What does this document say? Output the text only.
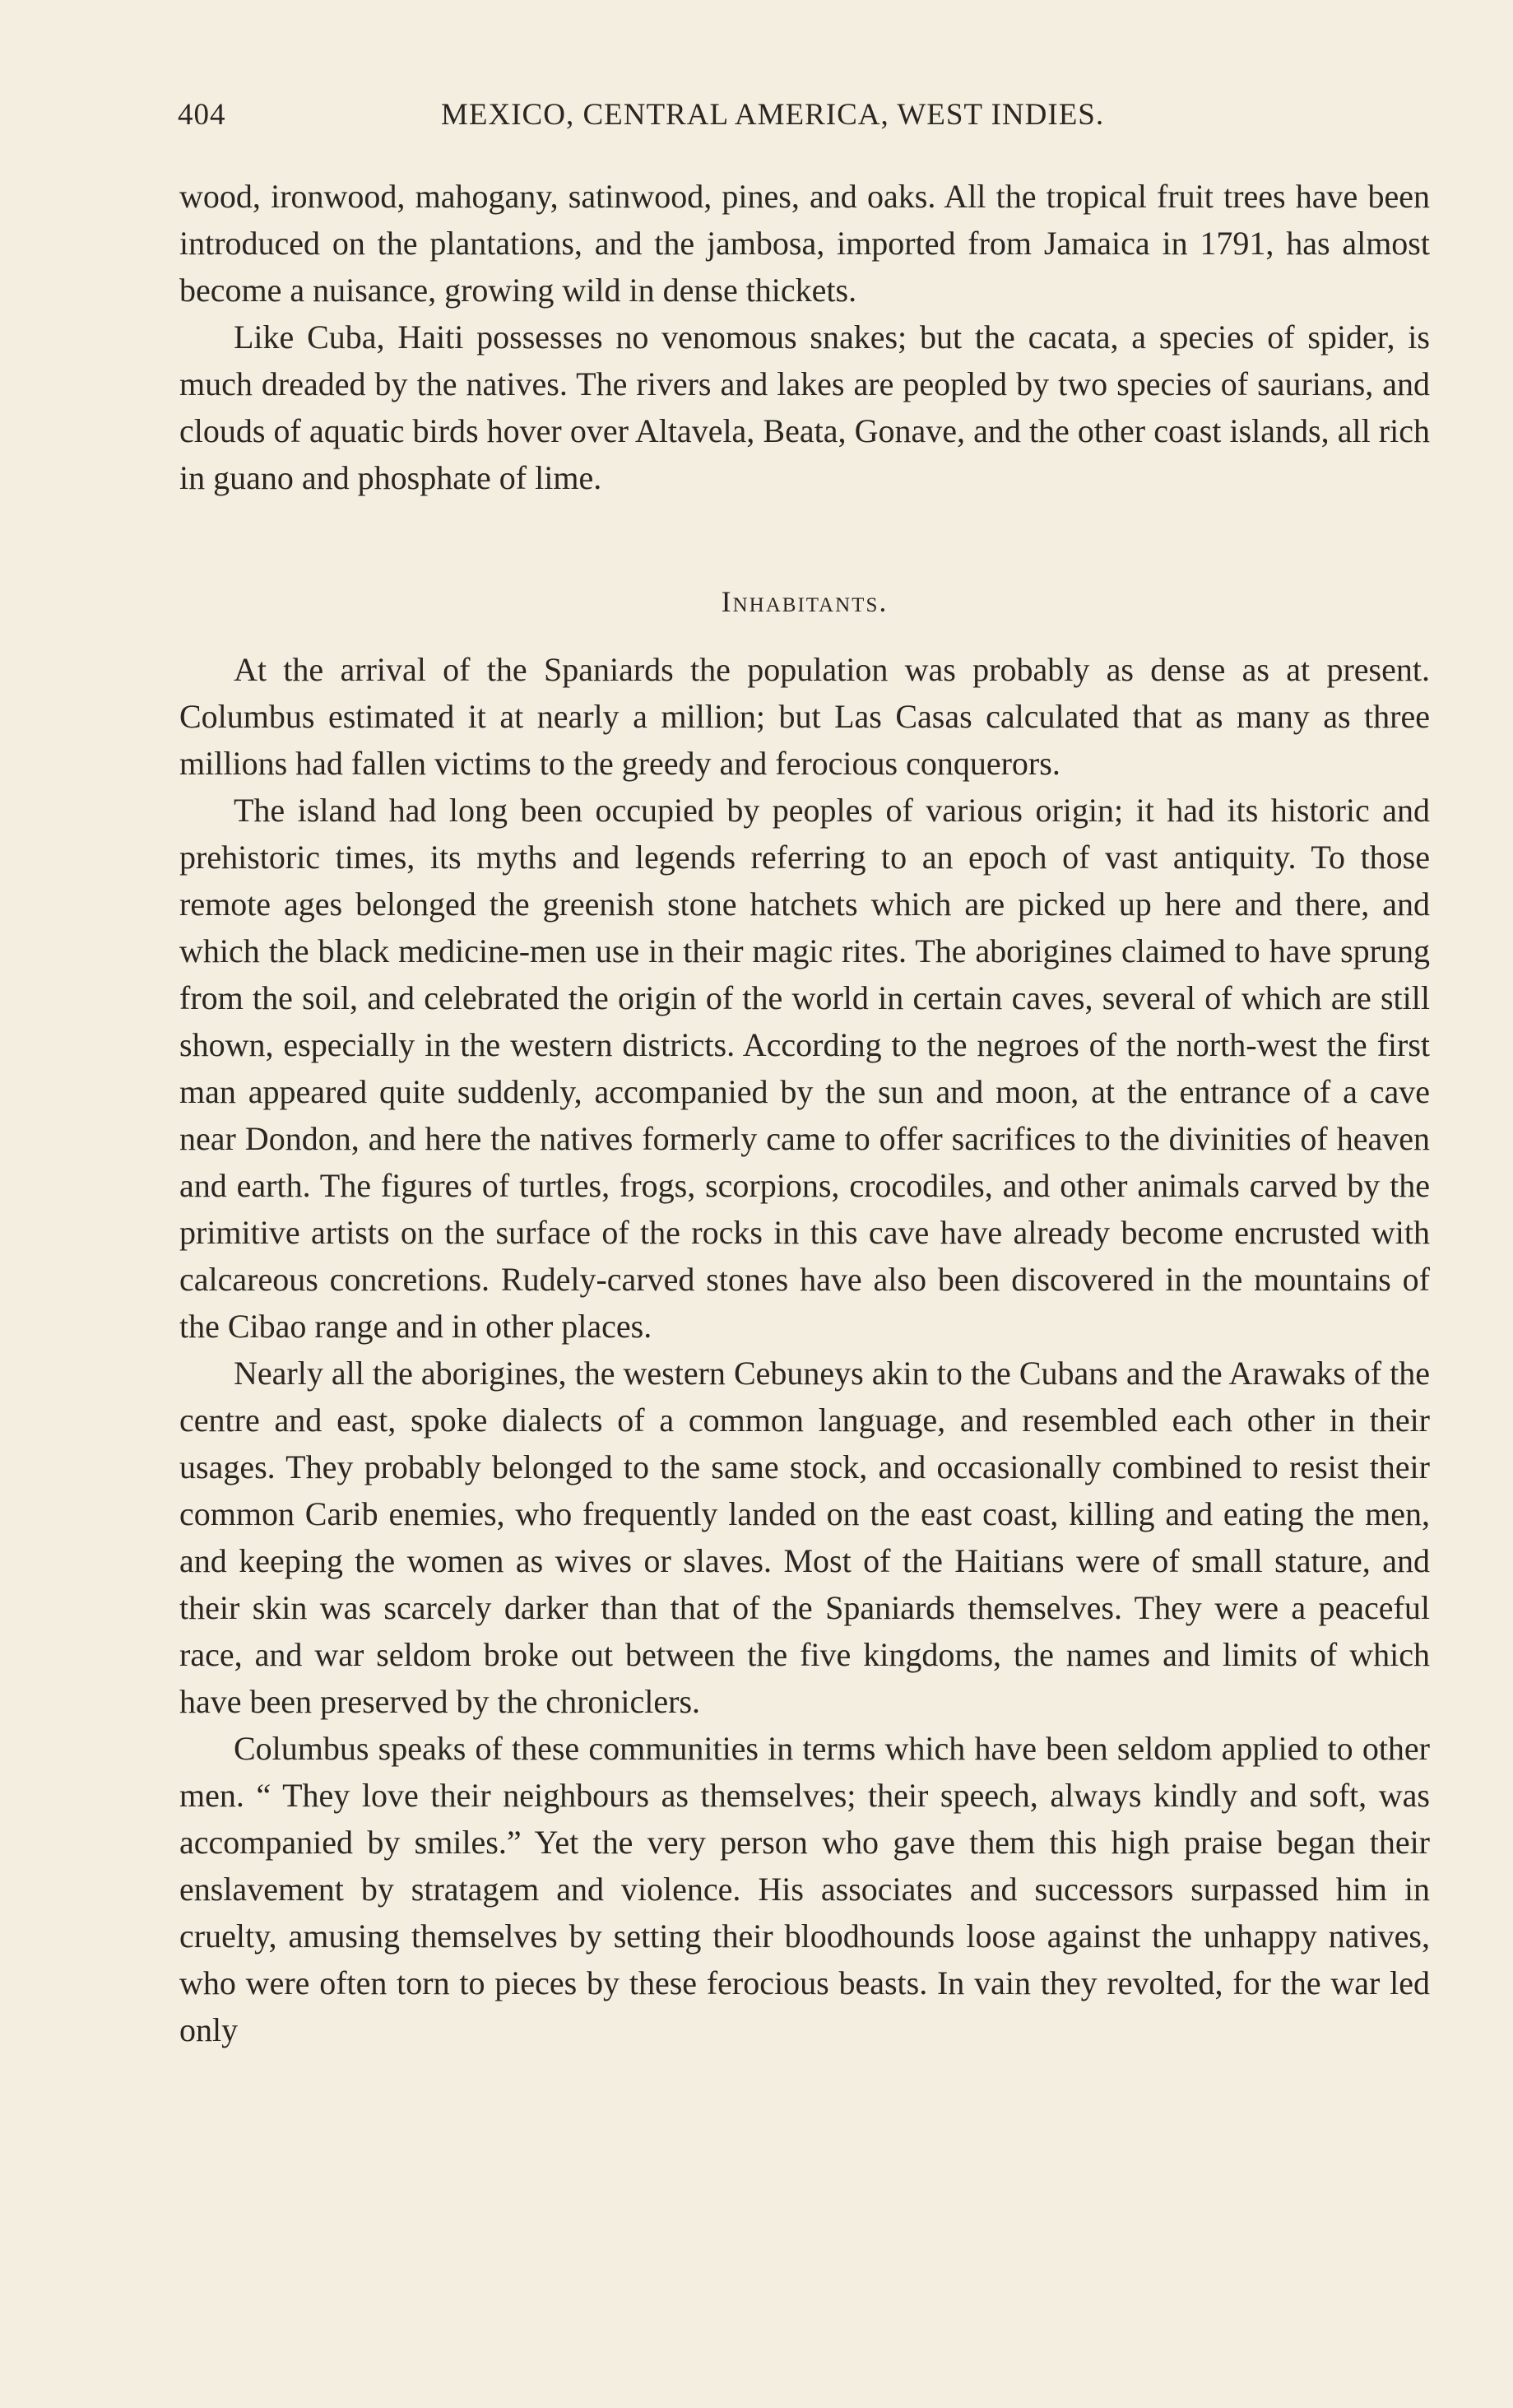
404	MEXICO, CENTRAL AMERICA, WEST INDIES.

wood, ironwood, mahogany, satinwood, pines, and oaks. All the tropical fruit trees have been introduced on the plantations, and the jambosa, imported from Jamaica in 1791, has almost become a nuisance, growing wild in dense thickets.

Like Cuba, Haiti possesses no venomous snakes; but the cacata, a species of spider, is much dreaded by the natives. The rivers and lakes are peopled by two species of saurians, and clouds of aquatic birds hover over Altavela, Beata, Gonave, and the other coast islands, all rich in guano and phosphate of lime.

Inhabitants.

At the arrival of the Spaniards the population was probably as dense as at present. Columbus estimated it at nearly a million; but Las Casas calculated that as many as three millions had fallen victims to the greedy and ferocious conquerors.

The island had long been occupied by peoples of various origin; it had its historic and prehistoric times, its myths and legends referring to an epoch of vast antiquity. To those remote ages belonged the greenish stone hatchets which are picked up here and there, and which the black medicine-men use in their magic rites. The aborigines claimed to have sprung from the soil, and celebrated the origin of the world in certain caves, several of which are still shown, especially in the western districts. According to the negroes of the north-west the first man appeared quite suddenly, accompanied by the sun and moon, at the entrance of a cave near Dondon, and here the natives formerly came to offer sacrifices to the divinities of heaven and earth. The figures of turtles, frogs, scorpions, crocodiles, and other animals carved by the primitive artists on the surface of the rocks in this cave have already become encrusted with calcareous concretions. Rudely-carved stones have also been discovered in the mountains of the Cibao range and in other places.

Nearly all the aborigines, the western Cebuneys akin to the Cubans and the Arawaks of the centre and east, spoke dialects of a common language, and resembled each other in their usages. They probably belonged to the same stock, and occasionally combined to resist their common Carib enemies, who frequently landed on the east coast, killing and eating the men, and keeping the women as wives or slaves. Most of the Haitians were of small stature, and their skin was scarcely darker than that of the Spaniards themselves. They were a peaceful race, and war seldom broke out between the five kingdoms, the names and limits of which have been preserved by the chroniclers.

Columbus speaks of these communities in terms which have been seldom applied to other men. “ They love their neighbours as themselves; their speech, always kindly and soft, was accompanied by smiles.” Yet the very person who gave them this high praise began their enslavement by stratagem and violence. His associates and successors surpassed him in cruelty, amusing themselves by setting their bloodhounds loose against the unhappy natives, who were often torn to pieces by these ferocious beasts. In vain they revolted, for the war led only
